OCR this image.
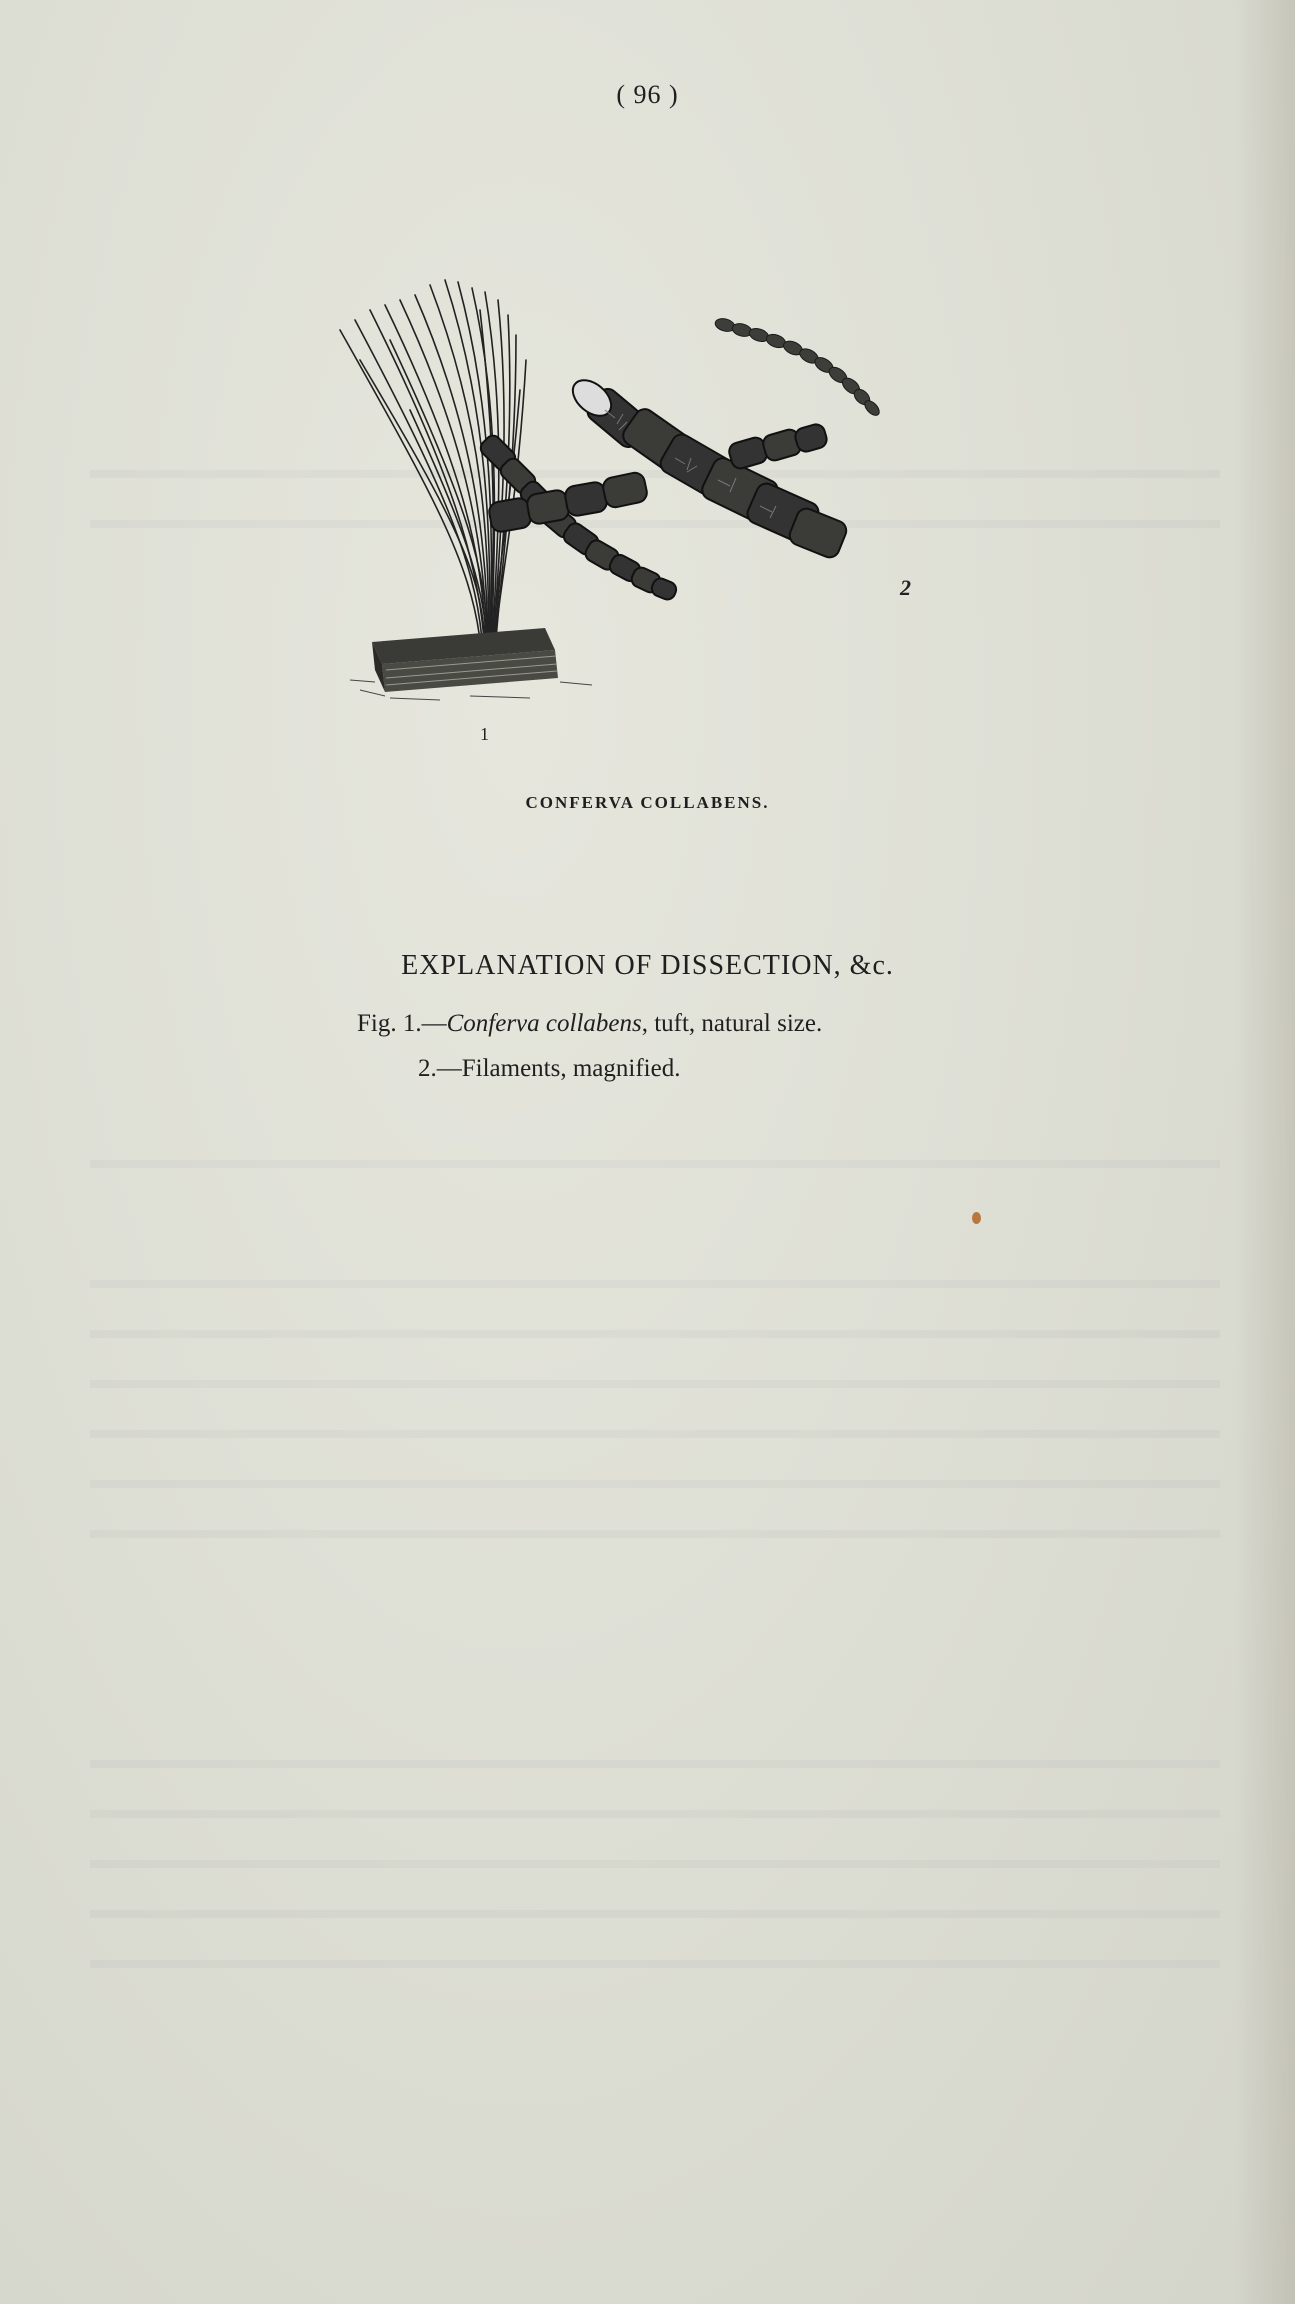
( 96 )
1
2
CONFERVA COLLABENS.
EXPLANATION OF DISSECTION, &c.
Fig. 1.—Conferva collabens, tuft, natural size.
2.—Filaments, magnified.
